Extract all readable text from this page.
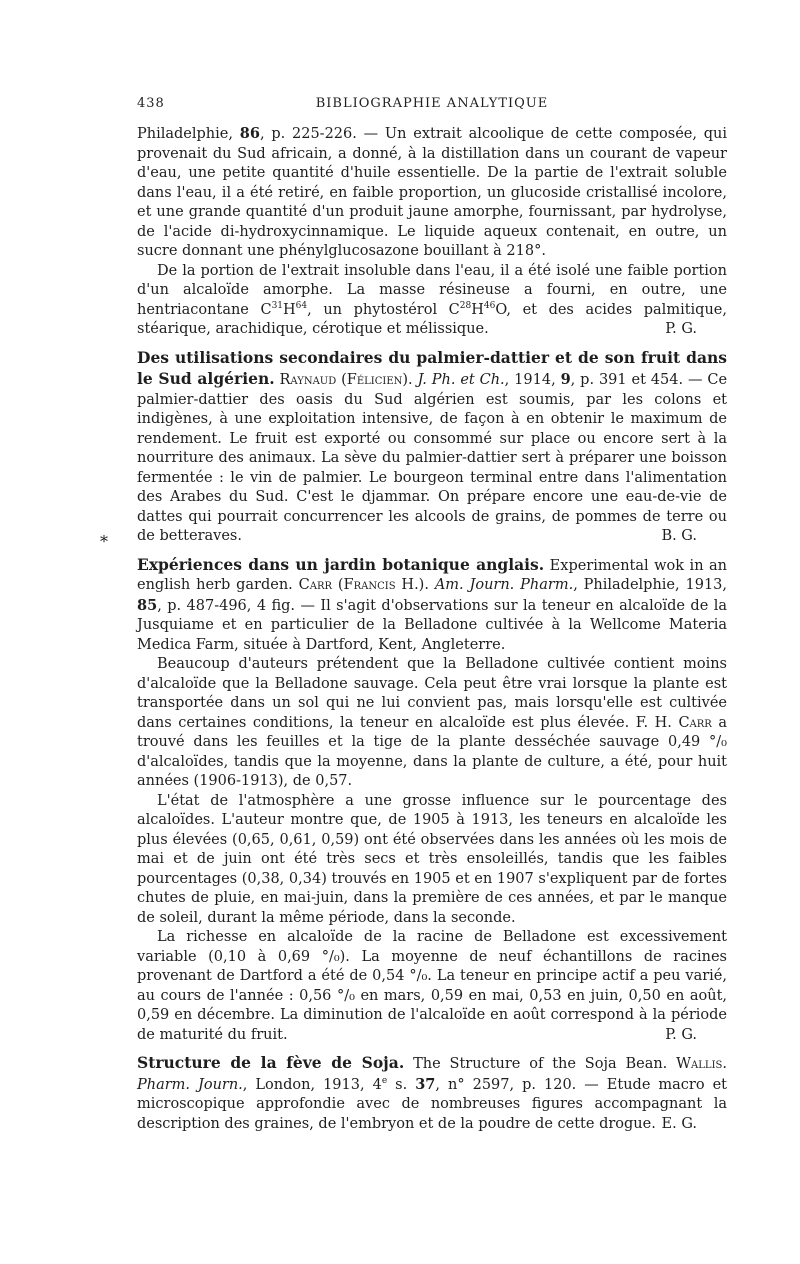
438	BIBLIOGRAPHIE ANALYTIQUE
*

Philadelphie, 86, p. 225-226. — Un extrait alcoolique de cette composée, qui provenait du Sud africain, a donné, à la distillation dans un courant de vapeur d'eau, une petite quantité d'huile essentielle. De la partie de l'extrait soluble dans l'eau, il a été retiré, en faible proportion, un glucoside cristallisé incolore, et une grande quantité d'un produit jaune amorphe, fournissant, par hydrolyse, de l'acide di-hydroxycinnamique. Le liquide aqueux contenait, en outre, un sucre donnant une phénylglucosazone bouillant à 218°.

De la portion de l'extrait insoluble dans l'eau, il a été isolé une faible portion d'un alcaloïde amorphe. La masse résineuse a fourni, en outre, une hentriacontane $C^{31}H^{64}$, un phytostérol $C^{28}H^{46}O$, et des acides palmitique, stéarique, arachidique, cérotique et mélissique.	P. G.

Des utilisations secondaires du palmier-dattier et de son fruit dans le Sud algérien. Raynaud (Félicien). J. Ph. et Ch., 1914, 9, p. 391 et 454. — Ce palmier-dattier des oasis du Sud algérien est soumis, par les colons et indigènes, à une exploitation intensive, de façon à en obtenir le maximum de rendement. Le fruit est exporté ou consommé sur place ou encore sert à la nourriture des animaux. La sève du palmier-dattier sert à préparer une boisson fermentée : le vin de palmier. Le bourgeon terminal entre dans l'alimentation des Arabes du Sud. C'est le djammar. On prépare encore une eau-de-vie de dattes qui pourrait concurrencer les alcools de grains, de pommes de terre ou de betteraves.	B. G.

Expériences dans un jardin botanique anglais. Experimental wok in an english herb garden. Carr (Francis H.). Am. Journ. Pharm., Philadelphie, 1913, 85, p. 487-496, 4 fig. — Il s'agit d'observations sur la teneur en alcaloïde de la Jusquiame et en particulier de la Belladone cultivée à la Wellcome Materia Medica Farm, située à Dartford, Kent, Angleterre.

Beaucoup d'auteurs prétendent que la Belladone cultivée contient moins d'alcaloïde que la Belladone sauvage. Cela peut être vrai lorsque la plante est transportée dans un sol qui ne lui convient pas, mais lorsqu'elle est cultivée dans certaines conditions, la teneur en alcaloïde est plus élevée. F. H. Carr a trouvé dans les feuilles et la tige de la plante desséchée sauvage 0,49 °/₀ d'alcaloïdes, tandis que la moyenne, dans la plante de culture, a été, pour huit années (1906-1913), de 0,57.

L'état de l'atmosphère a une grosse influence sur le pourcentage des alcaloïdes. L'auteur montre que, de 1905 à 1913, les teneurs en alcaloïde les plus élevées (0,65, 0,61, 0,59) ont été observées dans les années où les mois de mai et de juin ont été très secs et très ensoleillés, tandis que les faibles pourcentages (0,38, 0,34) trouvés en 1905 et en 1907 s'expliquent par de fortes chutes de pluie, en mai-juin, dans la première de ces années, et par le manque de soleil, durant la même période, dans la seconde.

La richesse en alcaloïde de la racine de Belladone est excessivement variable (0,10 à 0,69 °/₀). La moyenne de neuf échantillons de racines provenant de Dartford a été de 0,54 °/₀. La teneur en principe actif a peu varié, au cours de l'année : 0,56 °/₀ en mars, 0,59 en mai, 0,53 en juin, 0,50 en août, 0,59 en décembre. La diminution de l'alcaloïde en août correspond à la période de maturité du fruit.	P. G.

Structure de la fève de Soja. The Structure of the Soja Bean. Wallis. Pharm. Journ., London, 1913, 4e s. 37, n° 2597, p. 120. — Etude macro et microscopique approfondie avec de nombreuses figures accompagnant la description des graines, de l'embryon et de la poudre de cette drogue. E. G.
